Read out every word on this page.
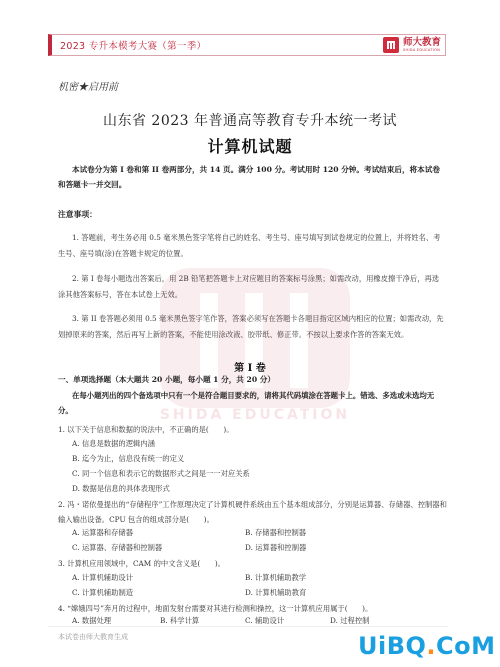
2023 专升本模考大赛（第一季）	师大教育
SHIDA EDUCATION
机密★启用前
山东省 2023 年普通高等教育专升本统一考试
计算机试题
本试卷分为第 I 卷和第 II 卷两部分，共 14 页。满分 100 分。考试用时 120 分钟。考试结束后，将本试卷和答题卡一并交回。
注意事项：
1. 答题前，考生务必用 0.5 毫米黑色签字笔将自己的姓名、考生号、座号填写到试卷规定的位置上，并将姓名、考生号、座号填(涂)在答题卡规定的位置。
2. 第 I 卷每小题选出答案后，用 2B 铅笔把答题卡上对应题目的答案标号涂黑；如需改动，用橡皮擦干净后，再选涂其他答案标号，答在本试卷上无效。
3. 第 II 卷答题必须用 0.5 毫米黑色签字笔作答，答案必须写在答题卡各题目指定区域内相应的位置；如需改动，先划掉原来的答案，然后再写上新的答案，不能使用涂改液、胶带纸、修正带。不按以上要求作答的答案无效。
SHIDA EDUCATION
第 I 卷
一、单项选择题（本大题共 20 小题，每小题 1 分，共 20 分）
在每小题列出的四个备选项中只有一个是符合题目要求的，请将其代码填涂在答题卡上。错选、多选或未选均无分。
1. 以下关于信息和数据的说法中，不正确的是(　　)。
A. 信息是数据的逻辑内涵
B. 迄今为止，信息没有统一的定义
C. 同一个信息和表示它的数据形式之间是一一对应关系
D. 数据是信息的具体表现形式
2. 冯・诺依曼提出的“存储程序”工作原理决定了计算机硬件系统由五个基本组成部分，分别是运算器、存储器、控制器和输入输出设备。CPU 包含的组成部分是(　　)。
A. 运算器和存储器	B. 存储器和控制器
C. 运算器、存储器和控制器	D. 运算器和控制器
3. 计算机应用领域中，CAM 的中文含义是(　　)。
A. 计算机辅助设计	B. 计算机辅助教学
C. 计算机辅助制造	D. 计算机辅助教育
4. “嫦娥四号”奔月的过程中，地面发射台需要对其进行检测和操控，这一计算机应用属于(　　)。
A. 数据处理	B. 科学计算	C. 辅助设计	D. 过程控制
本试卷由师大教育生成	UiBQ.CoM
